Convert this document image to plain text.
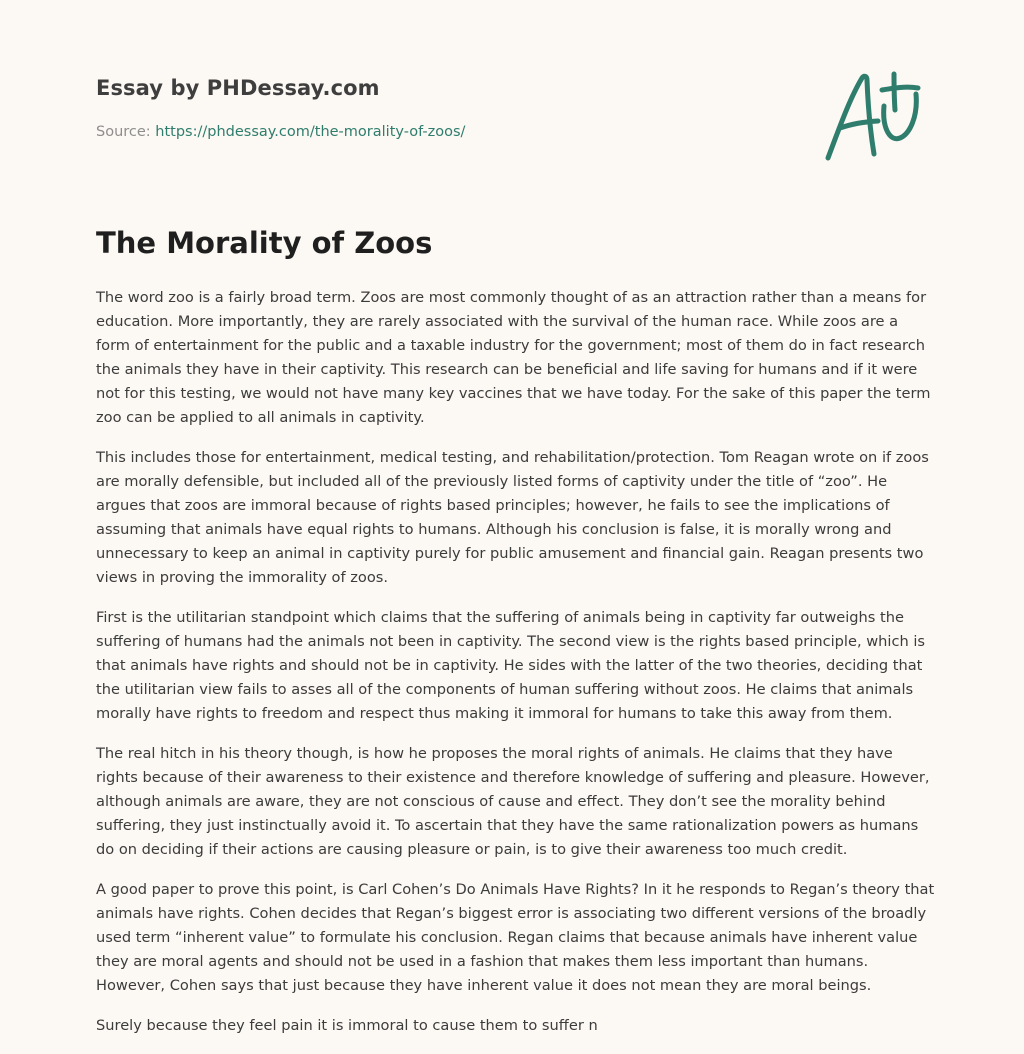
Essay by PHDessay.com
Source: https://phdessay.com/the-morality-of-zoos/
The Morality of Zoos

The word zoo is a fairly broad term. Zoos are most commonly thought of as an attraction rather than a means for education. More importantly, they are rarely associated with the survival of the human race. While zoos are a form of entertainment for the public and a taxable industry for the government; most of them do in fact research the animals they have in their captivity. This research can be beneficial and life saving for humans and if it were not for this testing, we would not have many key vaccines that we have today. For the sake of this paper the term zoo can be applied to all animals in captivity.

This includes those for entertainment, medical testing, and rehabilitation/protection. Tom Reagan wrote on if zoos are morally defensible, but included all of the previously listed forms of captivity under the title of “zoo”. He argues that zoos are immoral because of rights based principles; however, he fails to see the implications of assuming that animals have equal rights to humans. Although his conclusion is false, it is morally wrong and unnecessary to keep an animal in captivity purely for public amusement and financial gain. Reagan presents two views in proving the immorality of zoos.

First is the utilitarian standpoint which claims that the suffering of animals being in captivity far outweighs the suffering of humans had the animals not been in captivity. The second view is the rights based principle, which is that animals have rights and should not be in captivity. He sides with the latter of the two theories, deciding that the utilitarian view fails to asses all of the components of human suffering without zoos. He claims that animals morally have rights to freedom and respect thus making it immoral for humans to take this away from them.

The real hitch in his theory though, is how he proposes the moral rights of animals. He claims that they have rights because of their awareness to their existence and therefore knowledge of suffering and pleasure. However, although animals are aware, they are not conscious of cause and effect. They don’t see the morality behind suffering, they just instinctually avoid it. To ascertain that they have the same rationalization powers as humans do on deciding if their actions are causing pleasure or pain, is to give their awareness too much credit.

A good paper to prove this point, is Carl Cohen’s Do Animals Have Rights? In it he responds to Regan’s theory that animals have rights. Cohen decides that Regan’s biggest error is associating two different versions of the broadly used term “inherent value” to formulate his conclusion. Regan claims that because animals have inherent value they are moral agents and should not be used in a fashion that makes them less important than humans. However, Cohen says that just because they have inherent value it does not mean they are moral beings.

Surely because they feel pain it is immoral to cause them to suffer n
